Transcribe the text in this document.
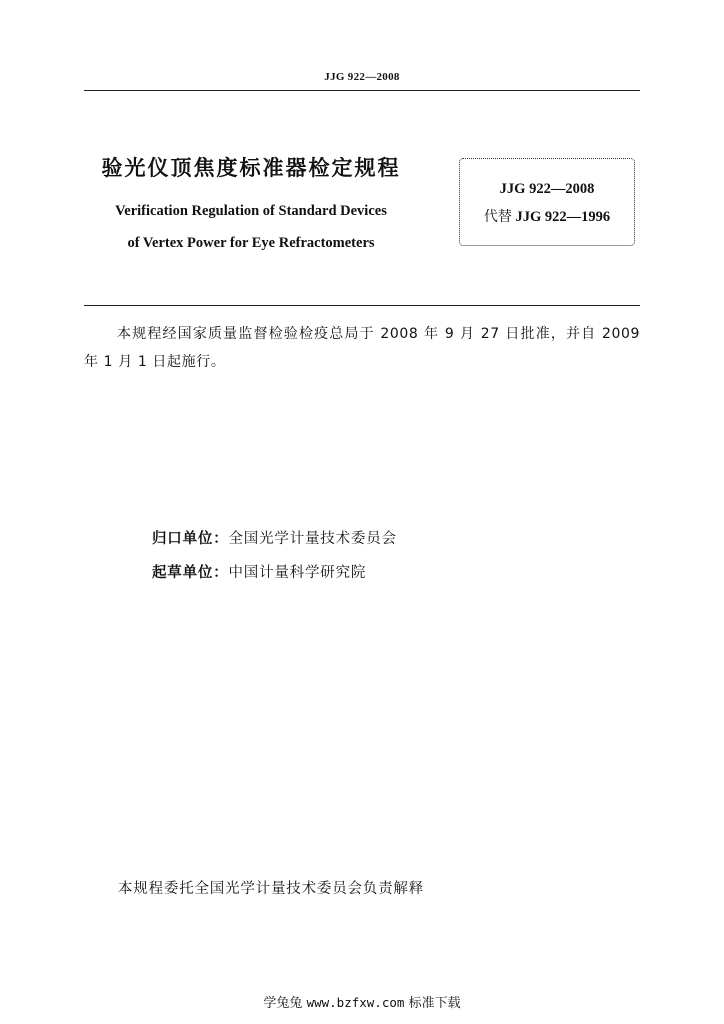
JJG 922—2008
验光仪顶焦度标准器检定规程
Verification Regulation of Standard Devices
of Vertex Power for Eye Refractometers
JJG 922—2008
代替 JJG 922—1996
本规程经国家质量监督检验检疫总局于 2008 年 9 月 27 日批准，并自 2009 年 1 月 1 日起施行。
归口单位：全国光学计量技术委员会
起草单位：中国计量科学研究院
本规程委托全国光学计量技术委员会负责解释
学兔兔 www.bzfxw.com 标准下载
